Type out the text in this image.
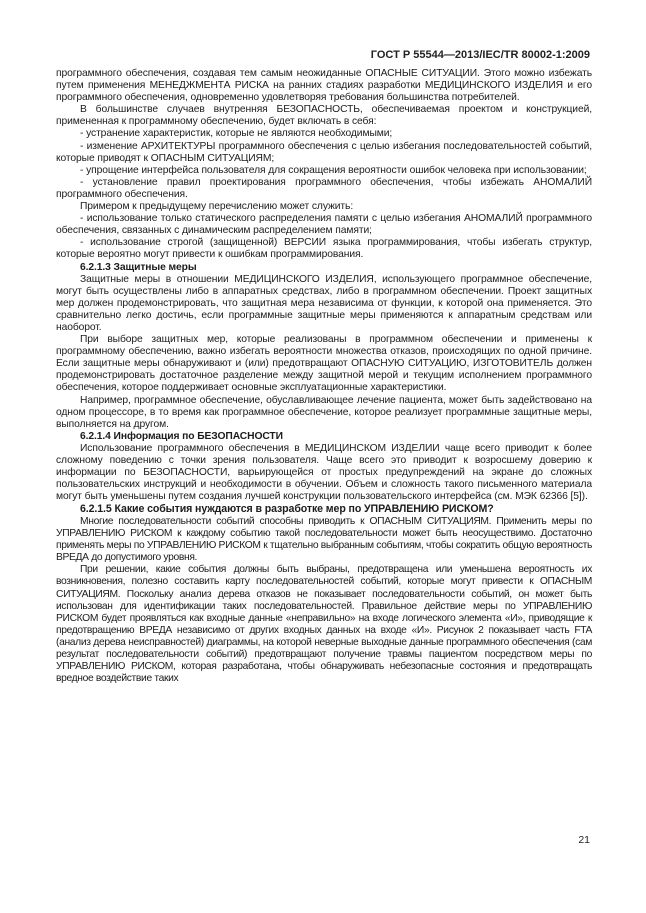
ГОСТ Р 55544—2013/IEC/TR 80002-1:2009

программного обеспечения, создавая тем самым неожиданные ОПАСНЫЕ СИТУАЦИИ. Этого можно избежать путем применения МЕНЕДЖМЕНТА РИСКА на ранних стадиях разработки МЕДИЦИНСКОГО ИЗДЕЛИЯ и его программного обеспечения, одновременно удовлетворяя требования большинства потребителей.

В большинстве случаев внутренняя БЕЗОПАСНОСТЬ, обеспечиваемая проектом и конструкцией, примененная к программному обеспечению, будет включать в себя:

- устранение характеристик, которые не являются необходимыми;

- изменение АРХИТЕКТУРЫ программного обеспечения с целью избегания последовательностей событий, которые приводят к ОПАСНЫМ СИТУАЦИЯМ;

- упрощение интерфейса пользователя для сокращения вероятности ошибок человека при использовании;

- установление правил проектирования программного обеспечения, чтобы избежать АНОМАЛИЙ программного обеспечения.

Примером к предыдущему перечислению может служить:

- использование только статического распределения памяти с целью избегания АНОМАЛИЙ программного обеспечения, связанных с динамическим распределением памяти;

- использование строгой (защищенной) ВЕРСИИ языка программирования, чтобы избегать структур, которые вероятно могут привести к ошибкам программирования.

6.2.1.3 Защитные меры

Защитные меры в отношении МЕДИЦИНСКОГО ИЗДЕЛИЯ, использующего программное обеспечение, могут быть осуществлены либо в аппаратных средствах, либо в программном обеспечении. Проект защитных мер должен продемонстрировать, что защитная мера независима от функции, к которой она применяется. Это сравнительно легко достичь, если программные защитные меры применяются к аппаратным средствам или наоборот.

При выборе защитных мер, которые реализованы в программном обеспечении и применены к программному обеспечению, важно избегать вероятности множества отказов, происходящих по одной причине. Если защитные меры обнаруживают и (или) предотвращают ОПАСНУЮ СИТУАЦИЮ, ИЗГОТОВИТЕЛЬ должен продемонстрировать достаточное разделение между защитной мерой и текущим исполнением программного обеспечения, которое поддерживает основные эксплуатационные характеристики.

Например, программное обеспечение, обуславливающее лечение пациента, может быть задействовано на одном процессоре, в то время как программное обеспечение, которое реализует программные защитные меры, выполняется на другом.

6.2.1.4 Информация по БЕЗОПАСНОСТИ

Использование программного обеспечения в МЕДИЦИНСКОМ ИЗДЕЛИИ чаще всего приводит к более сложному поведению с точки зрения пользователя. Чаще всего это приводит к возросшему доверию к информации по БЕЗОПАСНОСТИ, варьирующейся от простых предупреждений на экране до сложных пользовательских инструкций и необходимости в обучении. Объем и сложность такого письменного материала могут быть уменьшены путем создания лучшей конструкции пользовательского интерфейса (см. МЭК 62366 [5]).

6.2.1.5 Какие события нуждаются в разработке мер по УПРАВЛЕНИЮ РИСКОМ?

Многие последовательности событий способны приводить к ОПАСНЫМ СИТУАЦИЯМ. Применить меры по УПРАВЛЕНИЮ РИСКОМ к каждому событию такой последовательности может быть неосуществимо. Достаточно применять меры по УПРАВЛЕНИЮ РИСКОМ к тщательно выбранным событиям, чтобы сократить общую вероятность ВРЕДА до допустимого уровня.

При решении, какие события должны быть выбраны, предотвращена или уменьшена вероятность их возникновения, полезно составить карту последовательностей событий, которые могут привести к ОПАСНЫМ СИТУАЦИЯМ. Поскольку анализ дерева отказов не показывает последовательности событий, он может быть использован для идентификации таких последовательностей. Правильное действие меры по УПРАВЛЕНИЮ РИСКОМ будет проявляться как входные данные «неправильно» на входе логического элемента «И», приводящие к предотвращению ВРЕДА независимо от других входных данных на входе «И». Рисунок 2 показывает часть FTA (анализ дерева неисправностей) диаграммы, на которой неверные выходные данные программного обеспечения (сам результат последовательности событий) предотвращают получение травмы пациентом посредством меры по УПРАВЛЕНИЮ РИСКОМ, которая разработана, чтобы обнаруживать небезопасные состояния и предотвращать вредное воздействие таких

21
